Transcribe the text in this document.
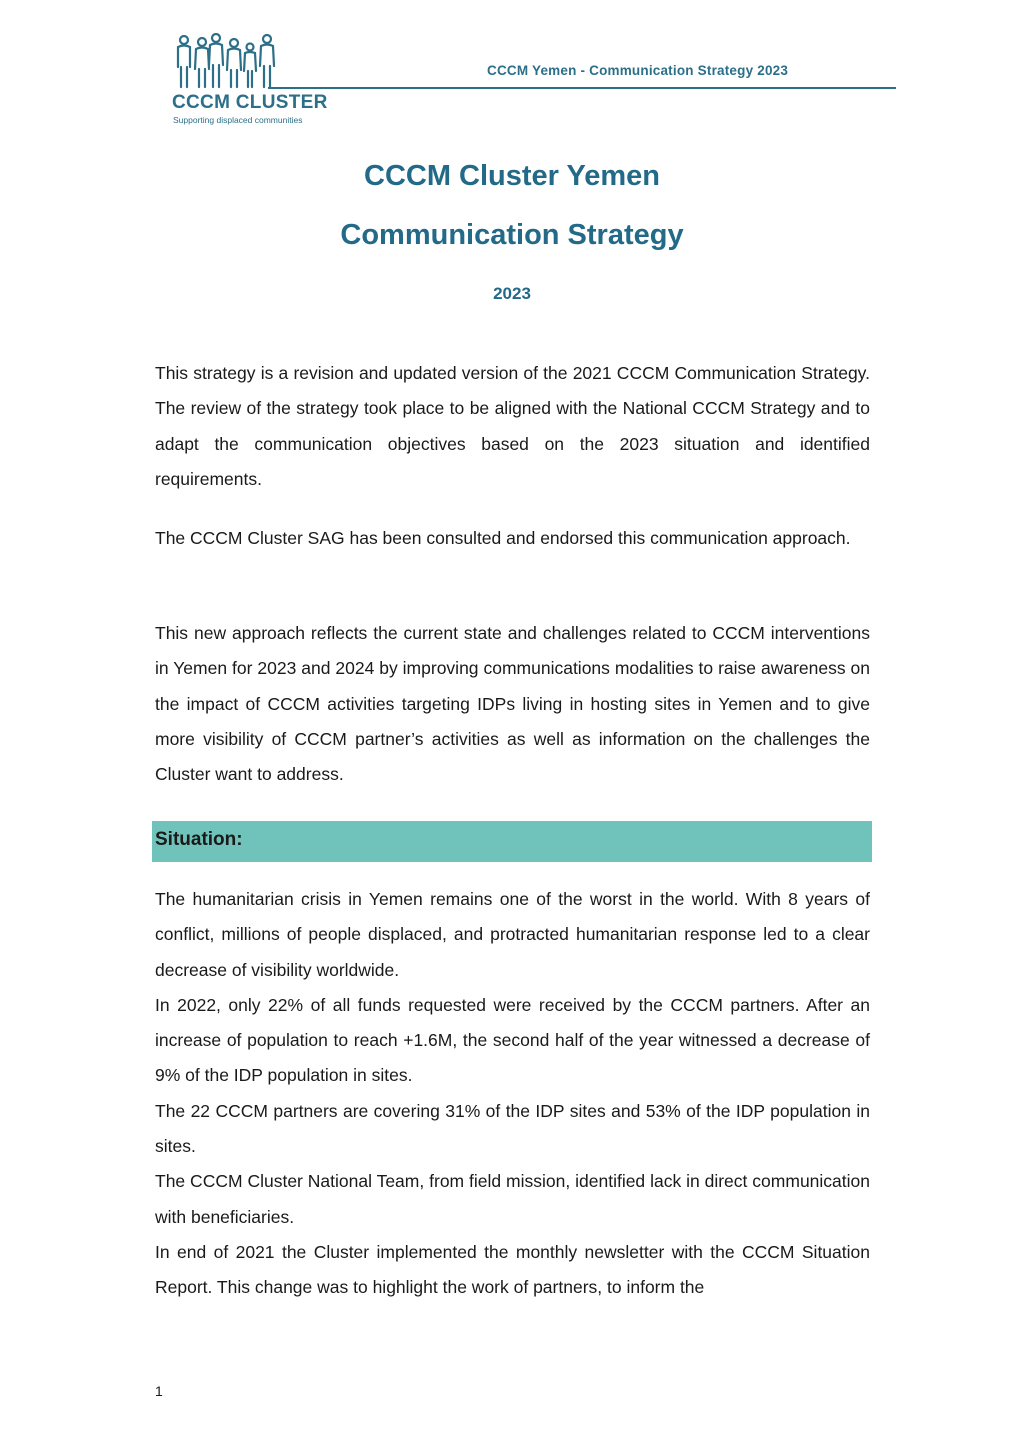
CCCM CLUSTER
Supporting displaced communities
CCCM Yemen - Communication Strategy 2023
CCCM Cluster Yemen
Communication Strategy
2023

This strategy is a revision and updated version of the 2021 CCCM Communication Strategy. The review of the strategy took place to be aligned with the National CCCM Strategy and to adapt the communication objectives based on the 2023 situation and identified requirements.

The CCCM Cluster SAG has been consulted and endorsed this communication approach.

This new approach reflects the current state and challenges related to CCCM interventions in Yemen for 2023 and 2024 by improving communications modalities to raise awareness on the impact of CCCM activities targeting IDPs living in hosting sites in Yemen and to give more visibility of CCCM partner’s activities as well as information on the challenges the Cluster want to address.

Situation:

The humanitarian crisis in Yemen remains one of the worst in the world. With 8 years of conflict, millions of people displaced, and protracted humanitarian response led to a clear decrease of visibility worldwide.

In 2022, only 22% of all funds requested were received by the CCCM partners. After an increase of population to reach +1.6M, the second half of the year witnessed a decrease of 9% of the IDP population in sites.

The 22 CCCM partners are covering 31% of the IDP sites and 53% of the IDP population in sites.

The CCCM Cluster National Team, from field mission, identified lack in direct communication with beneficiaries.

In end of 2021 the Cluster implemented the monthly newsletter with the CCCM Situation Report. This change was to highlight the work of partners, to inform the

1
